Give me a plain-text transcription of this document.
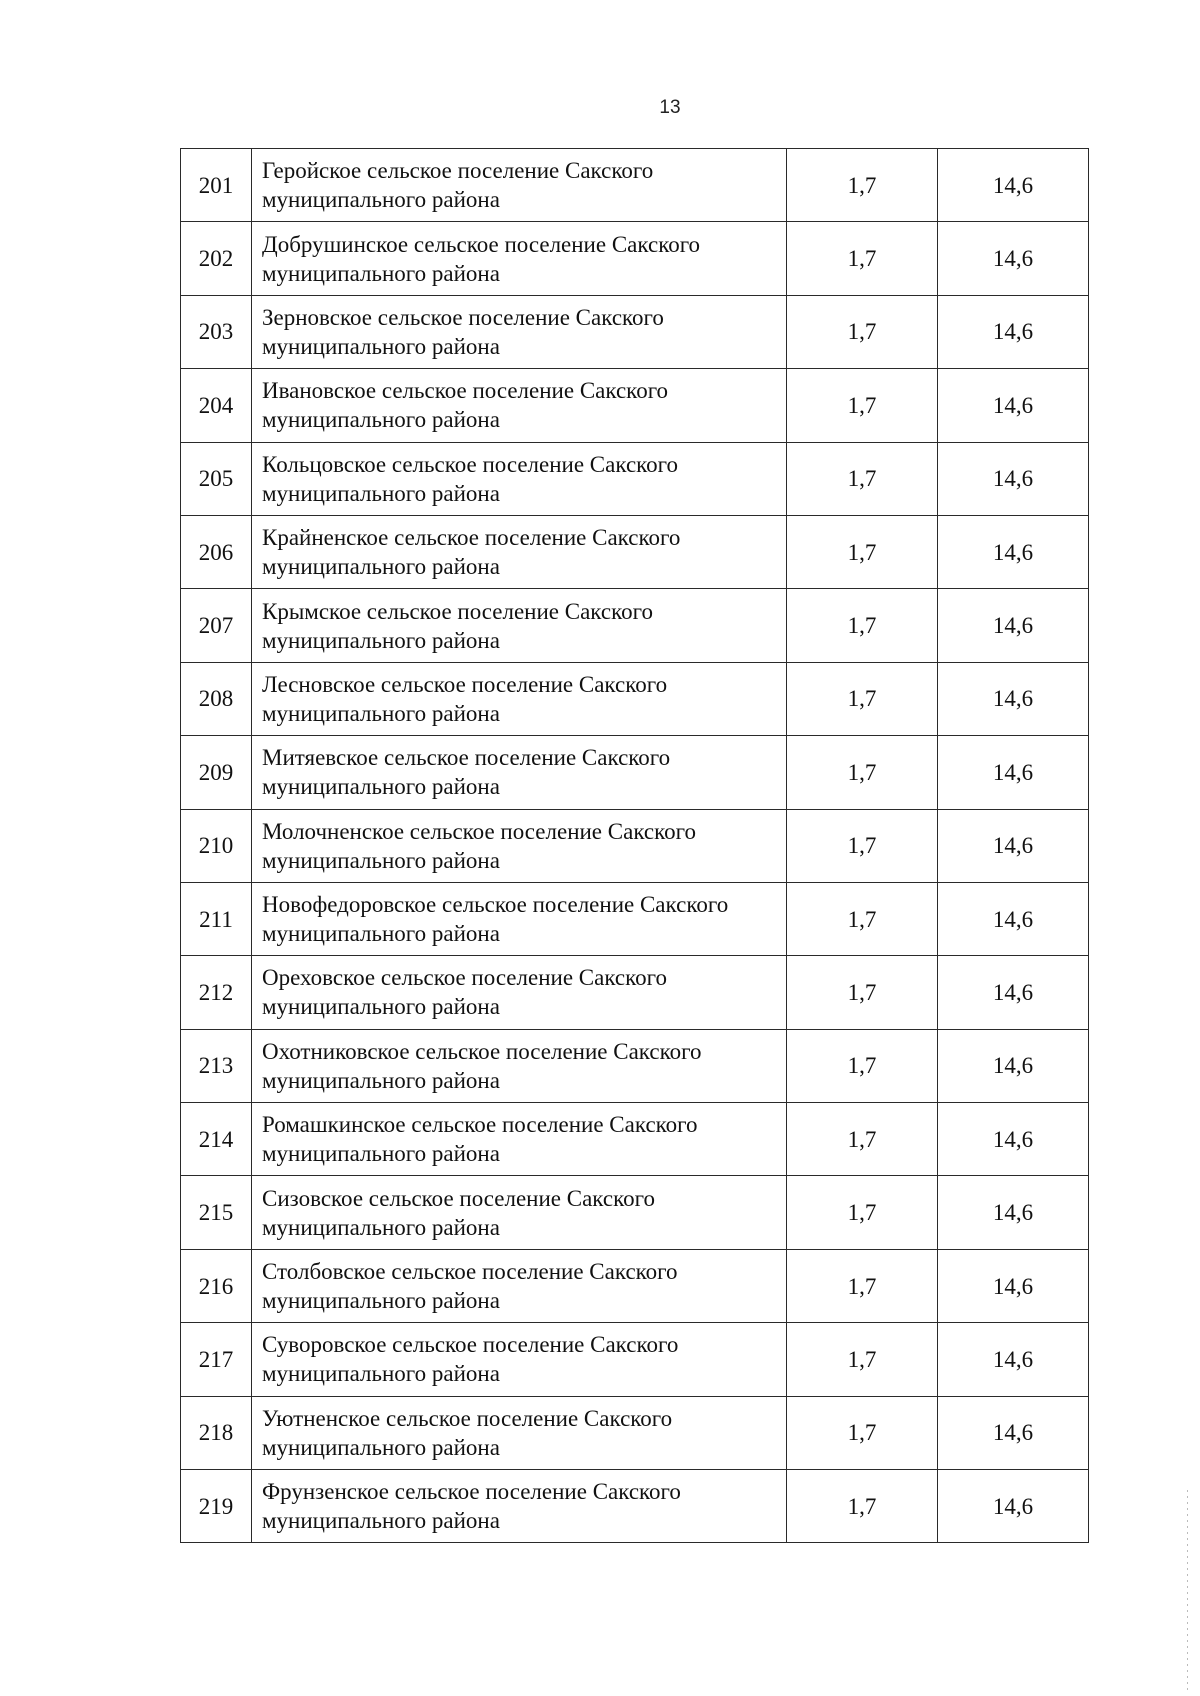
13
201	Геройское сельское поселение Сакского муниципального района	1,7	14,6
202	Добрушинское сельское поселение Сакского муниципального района	1,7	14,6
203	Зерновское сельское поселение Сакского муниципального района	1,7	14,6
204	Ивановское сельское поселение Сакского муниципального района	1,7	14,6
205	Кольцовское сельское поселение Сакского муниципального района	1,7	14,6
206	Крайненское сельское поселение Сакского муниципального района	1,7	14,6
207	Крымское сельское поселение Сакского муниципального района	1,7	14,6
208	Лесновское сельское поселение Сакского муниципального района	1,7	14,6
209	Митяевское сельское поселение Сакского муниципального района	1,7	14,6
210	Молочненское сельское поселение Сакского муниципального района	1,7	14,6
211	Новофедоровское сельское поселение Сакского муниципального района	1,7	14,6
212	Ореховское сельское поселение Сакского муниципального района	1,7	14,6
213	Охотниковское сельское поселение Сакского муниципального района	1,7	14,6
214	Ромашкинское сельское поселение Сакского муниципального района	1,7	14,6
215	Сизовское сельское поселение Сакского муниципального района	1,7	14,6
216	Столбовское сельское поселение Сакского муниципального района	1,7	14,6
217	Суворовское сельское поселение Сакского муниципального района	1,7	14,6
218	Уютненское сельское поселение Сакского муниципального района	1,7	14,6
219	Фрунзенское сельское поселение Сакского муниципального района	1,7	14,6
